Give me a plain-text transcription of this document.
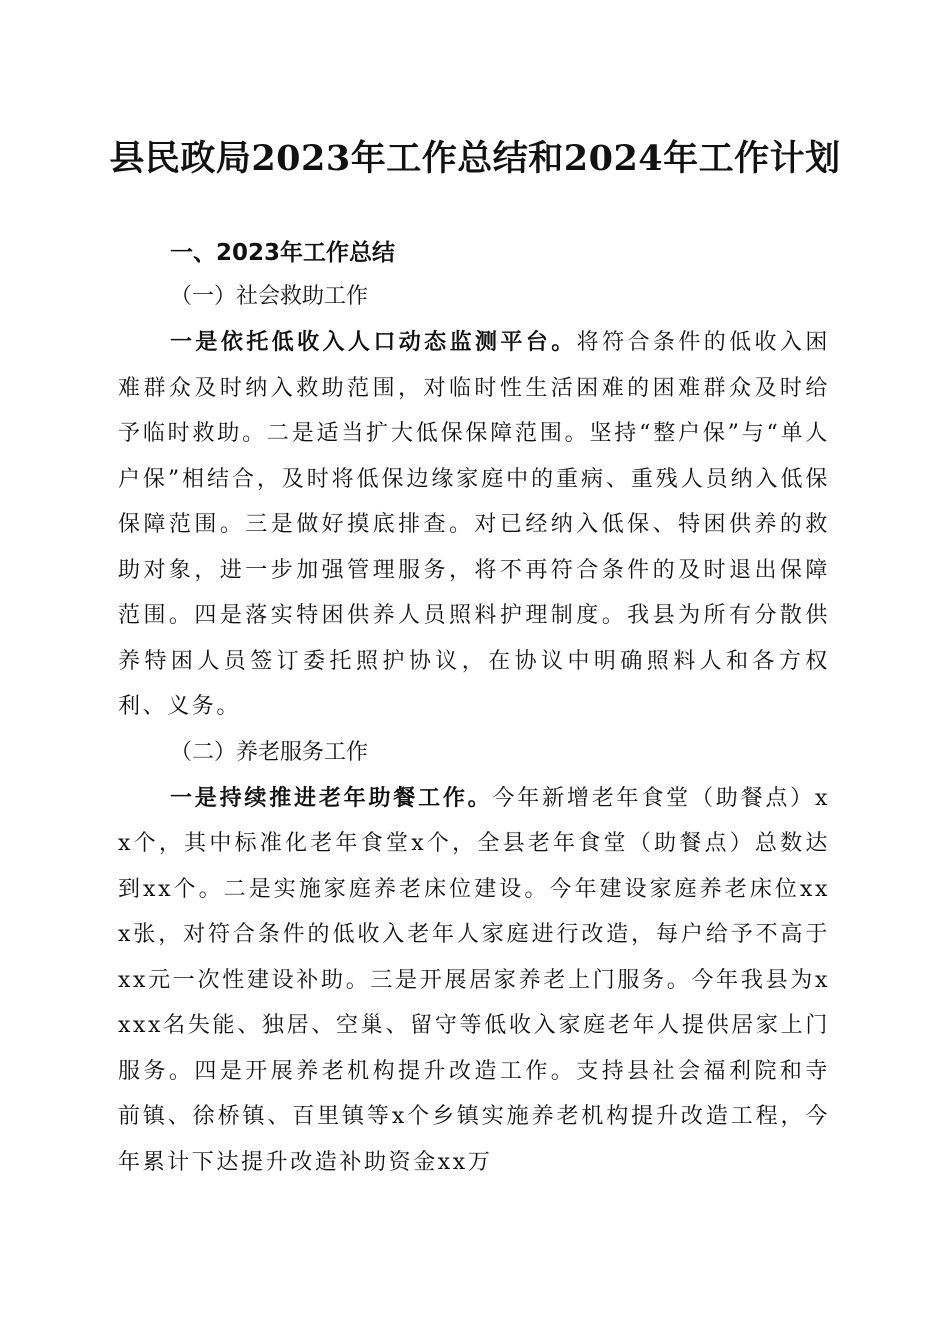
县民政局2023年工作总结和2024年工作计划

一、2023年工作总结

（一）社会救助工作

一是依托低收入人口动态监测平台。将符合条件的低收入困难群众及时纳入救助范围，对临时性生活困难的困难群众及时给予临时救助。二是适当扩大低保保障范围。坚持“整户保”与“单人户保”相结合，及时将低保边缘家庭中的重病、重残人员纳入低保保障范围。三是做好摸底排查。对已经纳入低保、特困供养的救助对象，进一步加强管理服务，将不再符合条件的及时退出保障范围。四是落实特困供养人员照料护理制度。我县为所有分散供养特困人员签订委托照护协议，在协议中明确照料人和各方权利、义务。

（二）养老服务工作

一是持续推进老年助餐工作。今年新增老年食堂（助餐点）xx个，其中标准化老年食堂x个，全县老年食堂（助餐点）总数达到xx个。二是实施家庭养老床位建设。今年建设家庭养老床位xxx张，对符合条件的低收入老年人家庭进行改造，每户给予不高于xx元一次性建设补助。三是开展居家养老上门服务。今年我县为xxxx名失能、独居、空巢、留守等低收入家庭老年人提供居家上门服务。四是开展养老机构提升改造工作。支持县社会福利院和寺前镇、徐桥镇、百里镇等x个乡镇实施养老机构提升改造工程，今年累计下达提升改造补助资金xx万
